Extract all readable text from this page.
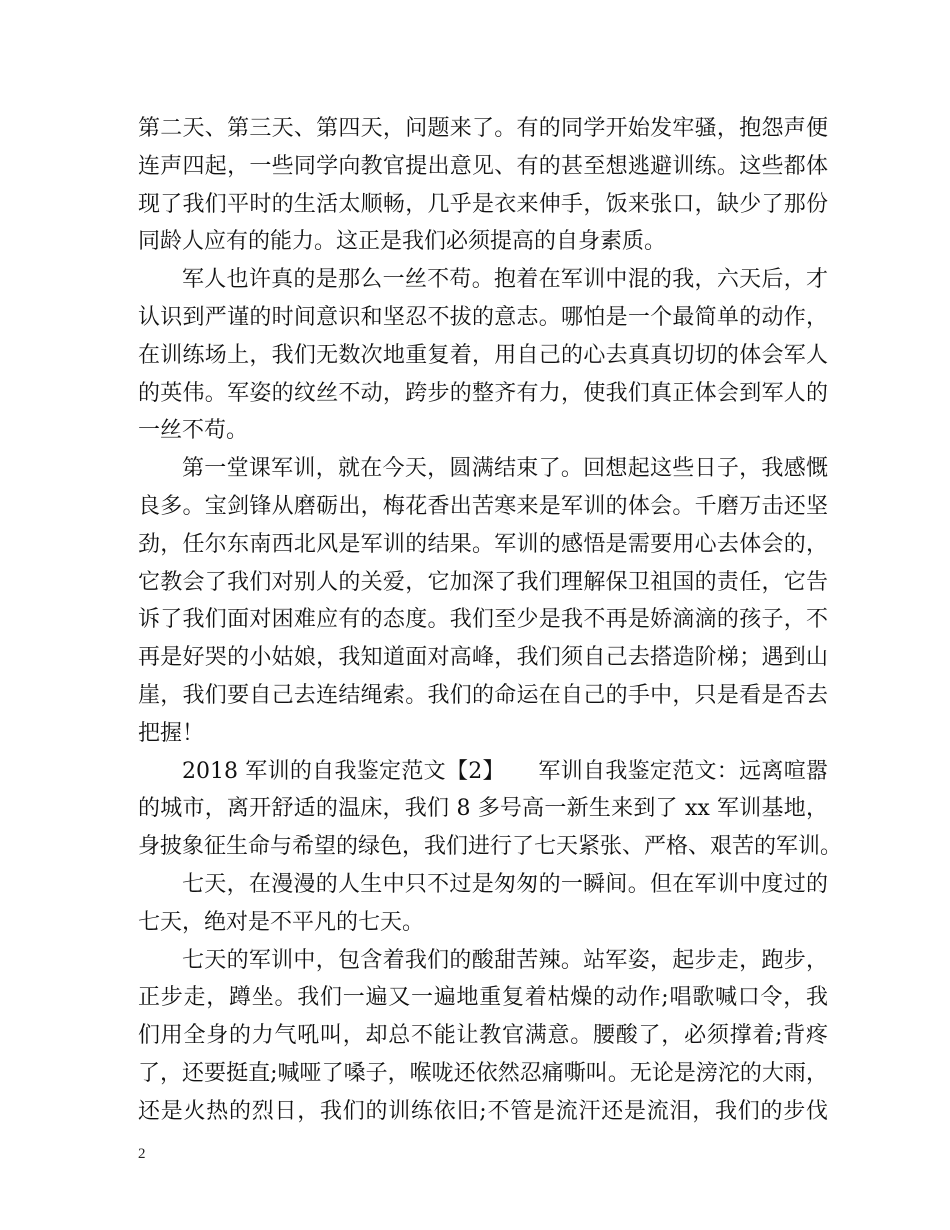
第二天、第三天、第四天，问题来了。有的同学开始发牢骚，抱怨声便
连声四起，一些同学向教官提出意见、有的甚至想逃避训练。这些都体
现了我们平时的生活太顺畅，几乎是衣来伸手，饭来张口，缺少了那份
同龄人应有的能力。这正是我们必须提高的自身素质。
军人也许真的是那么一丝不苟。抱着在军训中混的我，六天后，才
认识到严谨的时间意识和坚忍不拔的意志。哪怕是一个最简单的动作，
在训练场上，我们无数次地重复着，用自己的心去真真切切的体会军人
的英伟。军姿的纹丝不动，跨步的整齐有力，使我们真正体会到军人的
一丝不苟。
第一堂课军训，就在今天，圆满结束了。回想起这些日子，我感慨
良多。宝剑锋从磨砺出，梅花香出苦寒来是军训的体会。千磨万击还坚
劲，任尔东南西北风是军训的结果。军训的感悟是需要用心去体会的，
它教会了我们对别人的关爱，它加深了我们理解保卫祖国的责任，它告
诉了我们面对困难应有的态度。我们至少是我不再是娇滴滴的孩子，不
再是好哭的小姑娘，我知道面对高峰，我们须自己去搭造阶梯；遇到山
崖，我们要自己去连结绳索。我们的命运在自己的手中，只是看是否去
把握！
2018 军训的自我鉴定范文【2】　　军训自我鉴定范文：远离喧嚣
的城市，离开舒适的温床，我们 8 多号高一新生来到了 xx 军训基地，
身披象征生命与希望的绿色，我们进行了七天紧张、严格、艰苦的军训。
七天，在漫漫的人生中只不过是匆匆的一瞬间。但在军训中度过的
七天，绝对是不平凡的七天。
七天的军训中，包含着我们的酸甜苦辣。站军姿，起步走，跑步，
正步走，蹲坐。我们一遍又一遍地重复着枯燥的动作;唱歌喊口令，我
们用全身的力气吼叫，却总不能让教官满意。腰酸了，必须撑着;背疼
了，还要挺直;喊哑了嗓子，喉咙还依然忍痛嘶叫。无论是滂沱的大雨，
还是火热的烈日，我们的训练依旧;不管是流汗还是流泪，我们的步伐
2
